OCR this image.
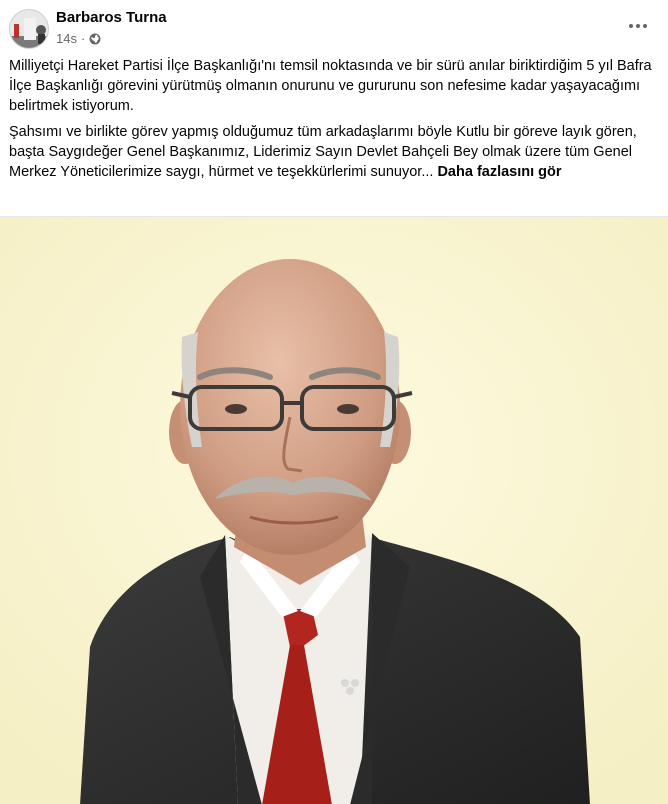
Barbaros Turna
14s ·

Milliyetçi Hareket Partisi İlçe Başkanlığı'nı temsil noktasında ve bir sürü anılar biriktirdiğim 5 yıl Bafra İlçe Başkanlığı görevini yürütmüş olmanın onurunu ve gururunu son nefesime kadar yaşayacağımı belirtmek istiyorum.

Şahsımı ve birlikte görev yapmış olduğumuz tüm arkadaşlarımı böyle Kutlu bir göreve layık gören, başta Saygıdeğer Genel Başkanımız, Liderimiz Sayın Devlet Bahçeli Bey olmak üzere tüm Genel Merkez Yöneticilerimize saygı, hürmet ve teşekkürlerimi sunuyor... Daha fazlasını gör
